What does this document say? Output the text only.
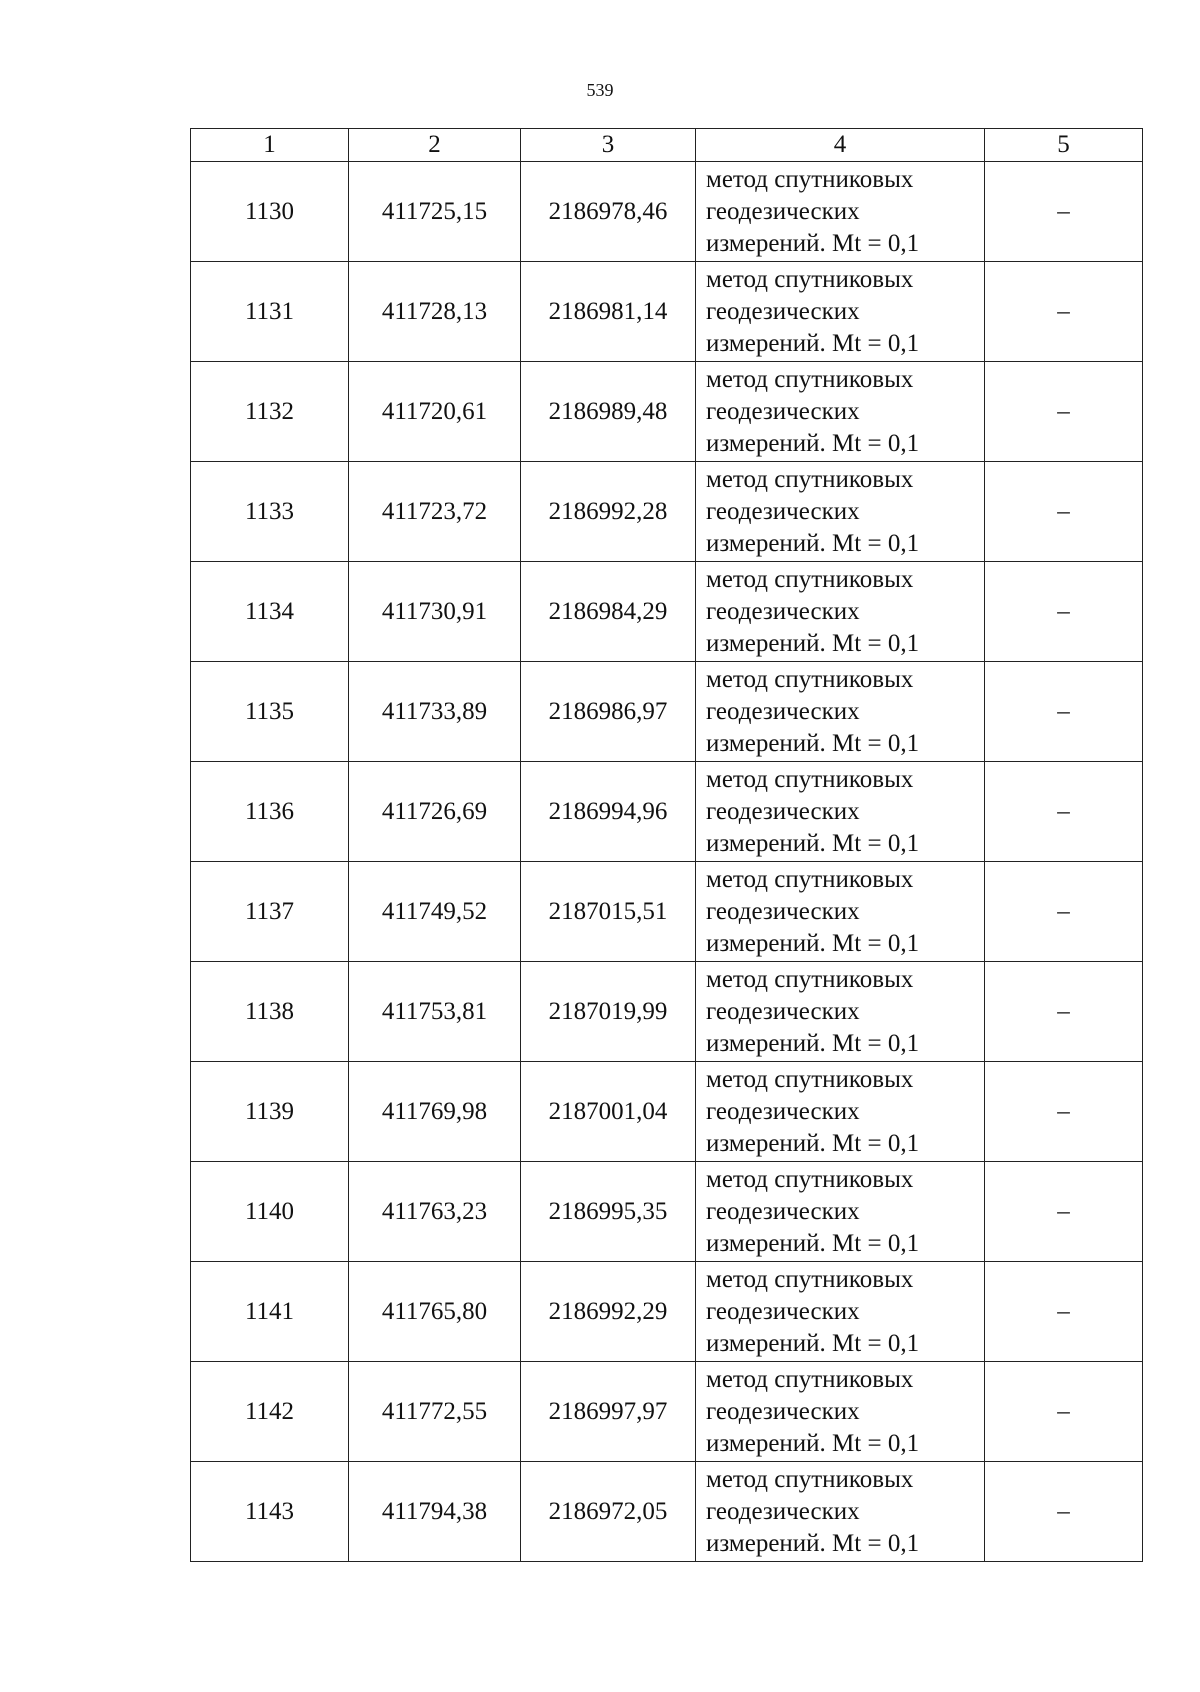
539
1	2	3	4	5
1130	411725,15	2186978,46	метод спутниковых
геодезических
измерений. Mt = 0,1	–
1131	411728,13	2186981,14	метод спутниковых
геодезических
измерений. Mt = 0,1	–
1132	411720,61	2186989,48	метод спутниковых
геодезических
измерений. Mt = 0,1	–
1133	411723,72	2186992,28	метод спутниковых
геодезических
измерений. Mt = 0,1	–
1134	411730,91	2186984,29	метод спутниковых
геодезических
измерений. Mt = 0,1	–
1135	411733,89	2186986,97	метод спутниковых
геодезических
измерений. Mt = 0,1	–
1136	411726,69	2186994,96	метод спутниковых
геодезических
измерений. Mt = 0,1	–
1137	411749,52	2187015,51	метод спутниковых
геодезических
измерений. Mt = 0,1	–
1138	411753,81	2187019,99	метод спутниковых
геодезических
измерений. Mt = 0,1	–
1139	411769,98	2187001,04	метод спутниковых
геодезических
измерений. Mt = 0,1	–
1140	411763,23	2186995,35	метод спутниковых
геодезических
измерений. Mt = 0,1	–
1141	411765,80	2186992,29	метод спутниковых
геодезических
измерений. Mt = 0,1	–
1142	411772,55	2186997,97	метод спутниковых
геодезических
измерений. Mt = 0,1	–
1143	411794,38	2186972,05	метод спутниковых
геодезических
измерений. Mt = 0,1	–
